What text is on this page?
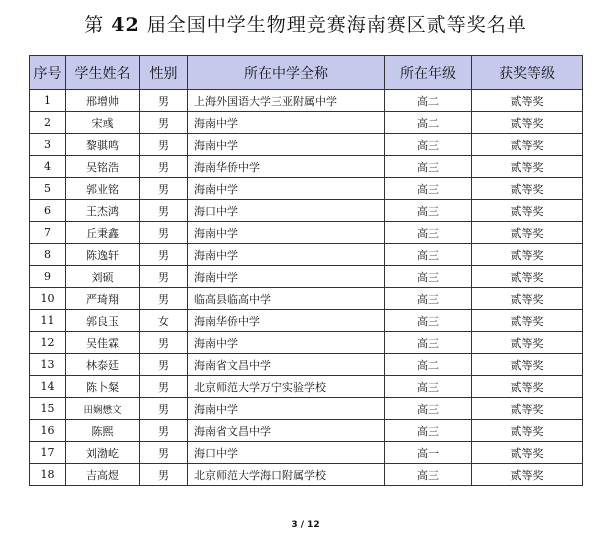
第 42 届全国中学生物理竞赛海南赛区贰等奖名单
序号	学生姓名	性别	所在中学全称	所在年级	获奖等级
1	邢增帅	男	上海外国语大学三亚附属中学	高二	贰等奖
2	宋彧	男	海南中学	高二	贰等奖
3	黎骐鸣	男	海南中学	高三	贰等奖
4	吴铭浩	男	海南华侨中学	高三	贰等奖
5	郭业铭	男	海南中学	高三	贰等奖
6	王杰鸿	男	海口中学	高三	贰等奖
7	丘秉鑫	男	海南中学	高三	贰等奖
8	陈逸轩	男	海南中学	高三	贰等奖
9	刘硕	男	海南中学	高三	贰等奖
10	严琦翔	男	临高县临高中学	高三	贰等奖
11	郭良玉	女	海南华侨中学	高三	贰等奖
12	吴佳霖	男	海南中学	高三	贰等奖
13	林泰廷	男	海南省文昌中学	高二	贰等奖
14	陈卜粲	男	北京师范大学万宁实验学校	高三	贰等奖
15	田娴懋文	男	海南中学	高三	贰等奖
16	陈熙	男	海南省文昌中学	高三	贰等奖
17	刘渤屹	男	海口中学	高一	贰等奖
18	吉高煜	男	北京师范大学海口附属学校	高三	贰等奖
3 / 12
